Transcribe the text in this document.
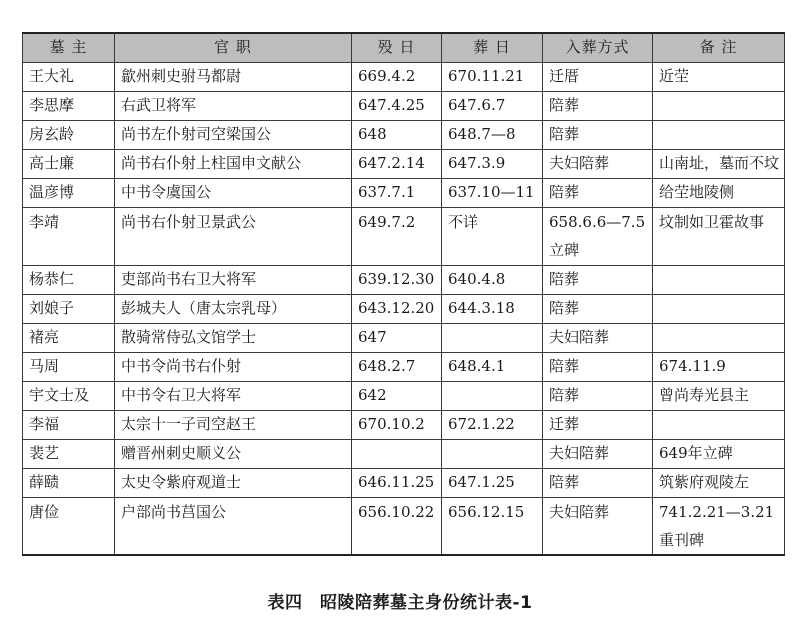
墓 主	官 职	殁 日	葬 日	入葬方式	备 注
王大礼	歙州刺史驸马都尉	669.4.2	670.11.21	迁厝	近茔
李思摩	右武卫将军	647.4.25	647.6.7	陪葬	
房玄龄	尚书左仆射司空梁国公	648	648.7—8	陪葬	
高士廉	尚书右仆射上柱国申文献公	647.2.14	647.3.9	夫妇陪葬	山南址，墓而不坟
温彦博	中书令虞国公	637.7.1	637.10—11	陪葬	给茔地陵侧
李靖	尚书右仆射卫景武公	649.7.2	不详	658.6.6—7.5立碑	坟制如卫霍故事
杨恭仁	吏部尚书右卫大将军	639.12.30	640.4.8	陪葬	
刘娘子	彭城夫人（唐太宗乳母）	643.12.20	644.3.18	陪葬	
褚亮	散骑常侍弘文馆学士	647		夫妇陪葬	
马周	中书令尚书右仆射	648.2.7	648.4.1	陪葬	674.11.9
宇文士及	中书令右卫大将军	642		陪葬	曾尚寿光县主
李福	太宗十一子司空赵王	670.10.2	672.1.22	迁葬	
裴艺	赠晋州刺史顺义公			夫妇陪葬	649年立碑
薛赜	太史令紫府观道士	646.11.25	647.1.25	陪葬	筑紫府观陵左
唐俭	户部尚书莒国公	656.10.22	656.12.15	夫妇陪葬	741.2.21—3.21重刊碑
表四　昭陵陪葬墓主身份统计表-1
